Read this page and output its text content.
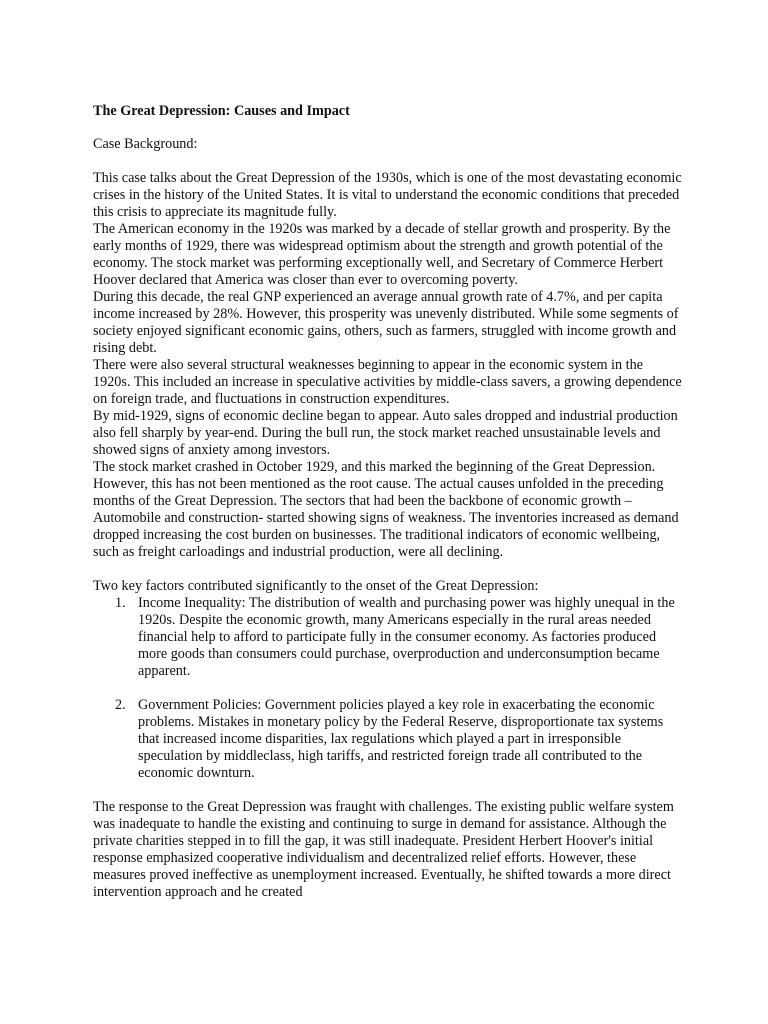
The Great Depression: Causes and Impact
Case Background:
This case talks about the Great Depression of the 1930s, which is one of the most devastating economic crises in the history of the United States. It is vital to understand the economic conditions that preceded this crisis to appreciate its magnitude fully.
The American economy in the 1920s was marked by a decade of stellar growth and prosperity. By the early months of 1929, there was widespread optimism about the strength and growth potential of the economy. The stock market was performing exceptionally well, and Secretary of Commerce Herbert Hoover declared that America was closer than ever to overcoming poverty.
During this decade, the real GNP experienced an average annual growth rate of 4.7%, and per capita income increased by 28%. However, this prosperity was unevenly distributed. While some segments of society enjoyed significant economic gains, others, such as farmers, struggled with income growth and rising debt.
There were also several structural weaknesses beginning to appear in the economic system in the 1920s. This included an increase in speculative activities by middle-class savers, a growing dependence on foreign trade, and fluctuations in construction expenditures.
By mid-1929, signs of economic decline began to appear. Auto sales dropped and industrial production also fell sharply by year-end. During the bull run, the stock market reached unsustainable levels and showed signs of anxiety among investors.
The stock market crashed in October 1929, and this marked the beginning of the Great Depression. However, this has not been mentioned as the root cause. The actual causes unfolded in the preceding months of the Great Depression. The sectors that had been the backbone of economic growth – Automobile and construction- started showing signs of weakness. The inventories increased as demand dropped increasing the cost burden on businesses. The traditional indicators of economic wellbeing, such as freight carloadings and industrial production, were all declining.
Two key factors contributed significantly to the onset of the Great Depression:
1. Income Inequality: The distribution of wealth and purchasing power was highly unequal in the 1920s. Despite the economic growth, many Americans especially in the rural areas needed financial help to afford to participate fully in the consumer economy. As factories produced more goods than consumers could purchase, overproduction and underconsumption became apparent.
2. Government Policies: Government policies played a key role in exacerbating the economic problems. Mistakes in monetary policy by the Federal Reserve, disproportionate tax systems that increased income disparities, lax regulations which played a part in irresponsible speculation by middleclass, high tariffs, and restricted foreign trade all contributed to the economic downturn.
The response to the Great Depression was fraught with challenges. The existing public welfare system was inadequate to handle the existing and continuing to surge in demand for assistance. Although the private charities stepped in to fill the gap, it was still inadequate. President Herbert Hoover's initial response emphasized cooperative individualism and decentralized relief efforts. However, these measures proved ineffective as unemployment increased. Eventually, he shifted towards a more direct intervention approach and he created
